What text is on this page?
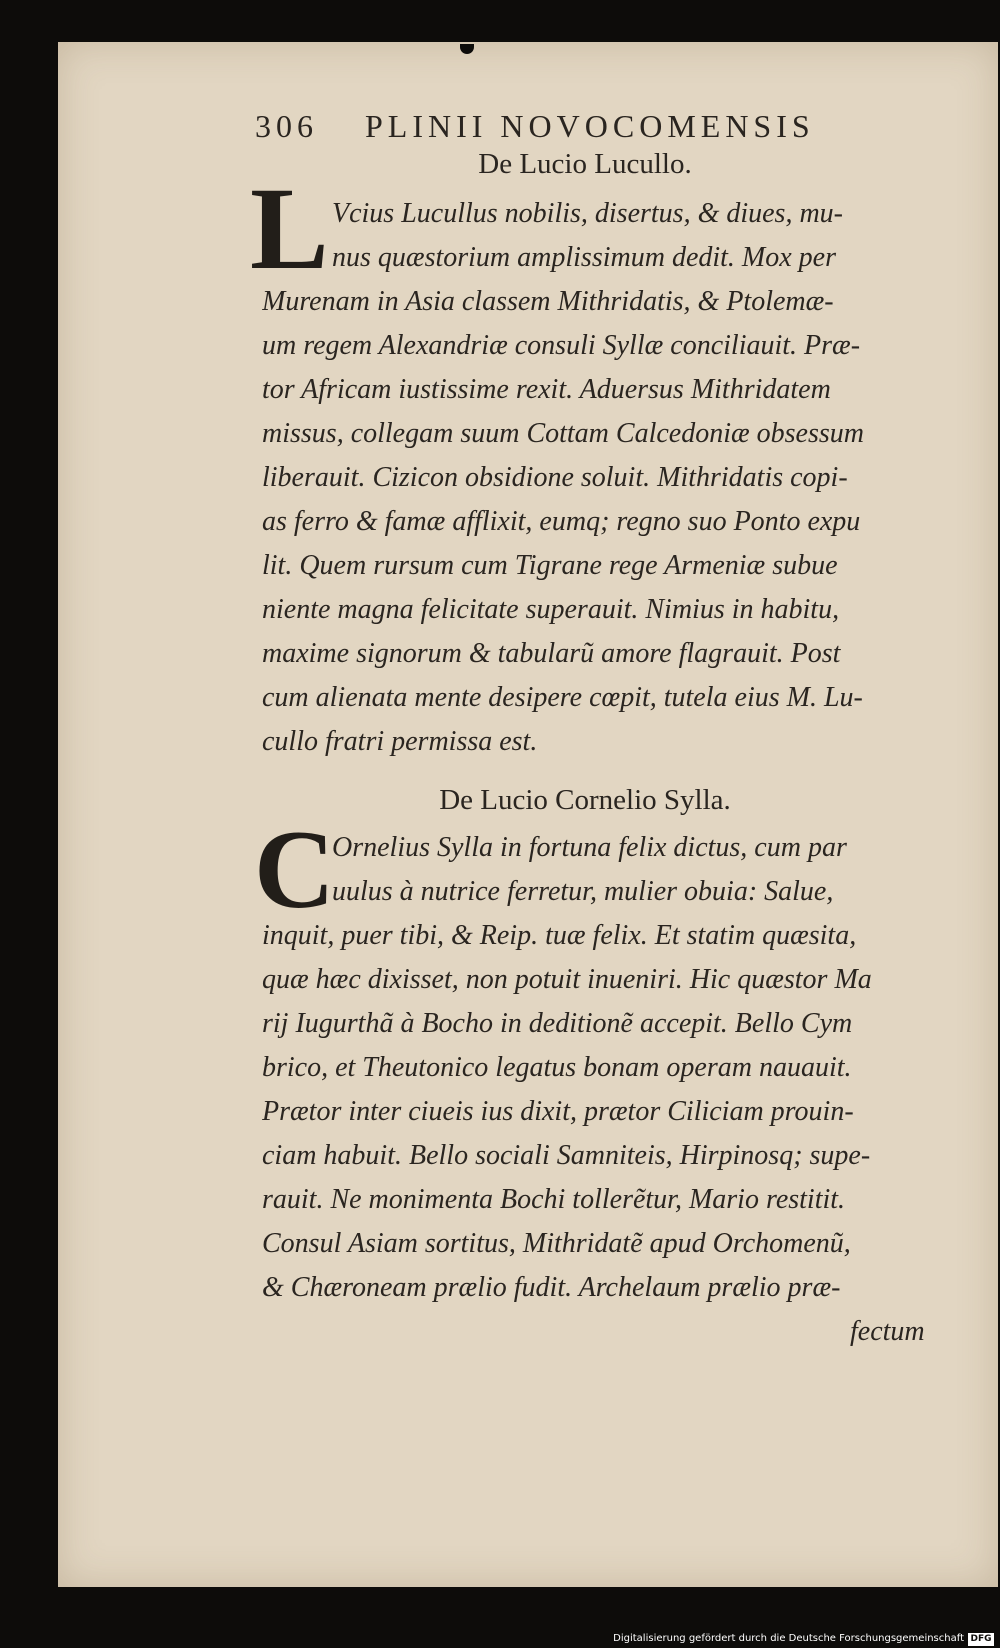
306 PLINII NOVOCOMENSIS
De Lucio Lucullo.
L Vcius Lucullus nobilis, disertus, & diues, mu-
nus quæstorium amplissimum dedit. Mox per
Murenam in Asia classem Mithridatis, & Ptolemæ-
um regem Alexandriæ consuli Syllæ conciliauit. Præ-
tor Africam iustissime rexit. Aduersus Mithridatem
missus, collegam suum Cottam Calcedoniæ obsessum
liberauit. Cizicon obsidione soluit. Mithridatis copi-
as ferro & famæ afflixit, eumq; regno suo Ponto expu
lit. Quem rursum cum Tigrane rege Armeniæ subue
niente magna felicitate superauit. Nimius in habitu,
maxime signorum & tabularũ amore flagrauit. Post
cum alienata mente desipere cœpit, tutela eius M. Lu-
cullo fratri permissa est.
De Lucio Cornelio Sylla.
C
Ornelius Sylla in fortuna felix dictus, cum par
uulus à nutrice ferretur, mulier obuia: Salue,
inquit, puer tibi, & Reip. tuæ felix. Et statim quæsita,
quæ hæc dixisset, non potuit inueniri. Hic quæstor Ma
rij Iugurthã à Bocho in deditionẽ accepit. Bello Cym
brico, et Theutonico legatus bonam operam nauauit.
Prætor inter ciueis ius dixit, prætor Ciliciam prouin-
ciam habuit. Bello sociali Samniteis, Hirpinosq; supe-
rauit. Ne monimenta Bochi tollerẽtur, Mario restitit.
Consul Asiam sortitus, Mithridatẽ apud Orchomenũ,
& Chæroneam prælio fudit. Archelaum prælio præ-
fectum
Digitalisierung gefördert durch die Deutsche Forschungsgemeinschaft DFG
